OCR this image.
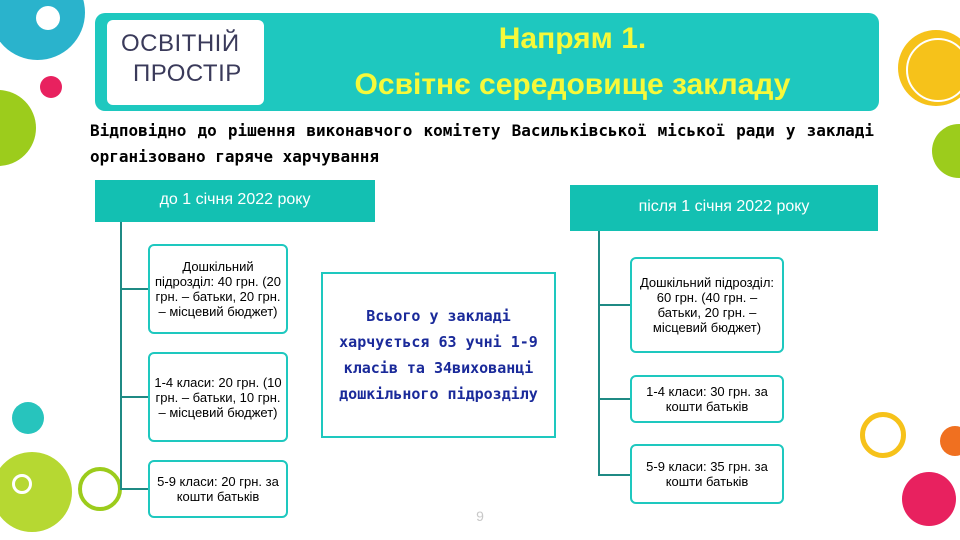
ОСВІТНІЙ
ПРОСТІР
Напрям 1.
Освітнє середовище закладу
Відповідно до рішення виконавчого комітету Васильківської міської ради у закладі організовано гаряче харчування
до 1 січня 2022 року
Дошкільний підрозділ: 40 грн. (20 грн. – батьки, 20 грн. – місцевий бюджет)
1-4 класи: 20 грн. (10 грн. – батьки, 10 грн. – місцевий бюджет)
5-9 класи: 20 грн. за кошти батьків
Всього у закладі харчується 63 учні 1-9 класів та 34вихованці дошкільного підрозділу
після 1 січня 2022 року
Дошкільний підрозділ: 60 грн. (40 грн. – батьки, 20 грн. – місцевий бюджет)
1-4 класи: 30 грн. за кошти батьків
5-9 класи: 35 грн. за кошти батьків
9
